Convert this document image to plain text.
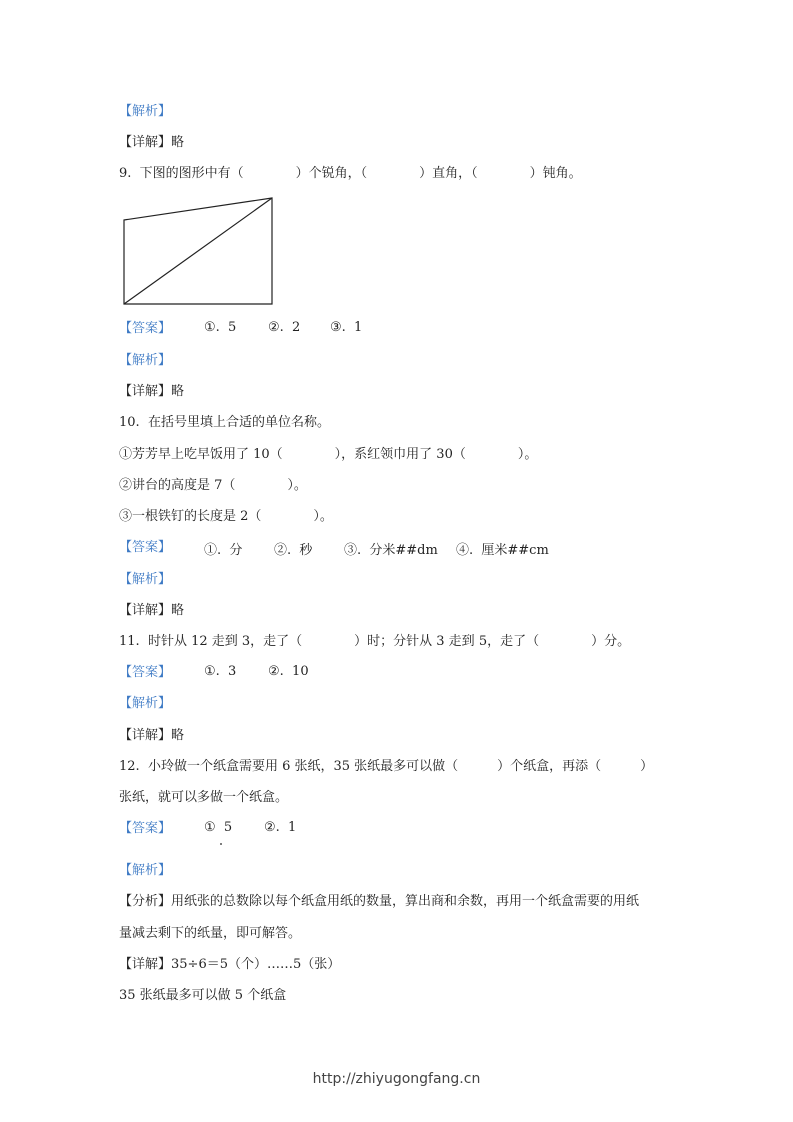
【解析】
【详解】略
9.  下图的图形中有（　　　　）个锐角，（　　　　）直角，（　　　　）钝角。
【答案】	①.  5 ②.  2 ③.  1
【解析】
【详解】略
10.  在括号里填上合适的单位名称。
①芳芳早上吃早饭用了 10（　　　　），系红领巾用了 30（　　　　）。
②讲台的高度是 7（　　　　）。
③一根铁钉的长度是 2（　　　　）。
【答案】	①.  分 ②.  秒 ③.  分米##dm ④.  厘米##cm
【解析】
【详解】略
11.  时针从 12 走到 3，走了（　　　　）时；分针从 3 走到 5，走了（　　　　）分。
【答案】	①.  3 ②.  10
【解析】
【详解】略
12.  小玲做一个纸盒需要用 6 张纸，35 张纸最多可以做（　　　）个纸盒，再添（　　　）
张纸，就可以多做一个纸盒。
【答案】	①  5 ②.  1
【解析】
【分析】用纸张的总数除以每个纸盒用纸的数量，算出商和余数，再用一个纸盒需要的用纸
量减去剩下的纸量，即可解答。
【详解】35÷6＝5（个）……5（张）
35 张纸最多可以做 5 个纸盒
http://zhiyugongfang.cn
